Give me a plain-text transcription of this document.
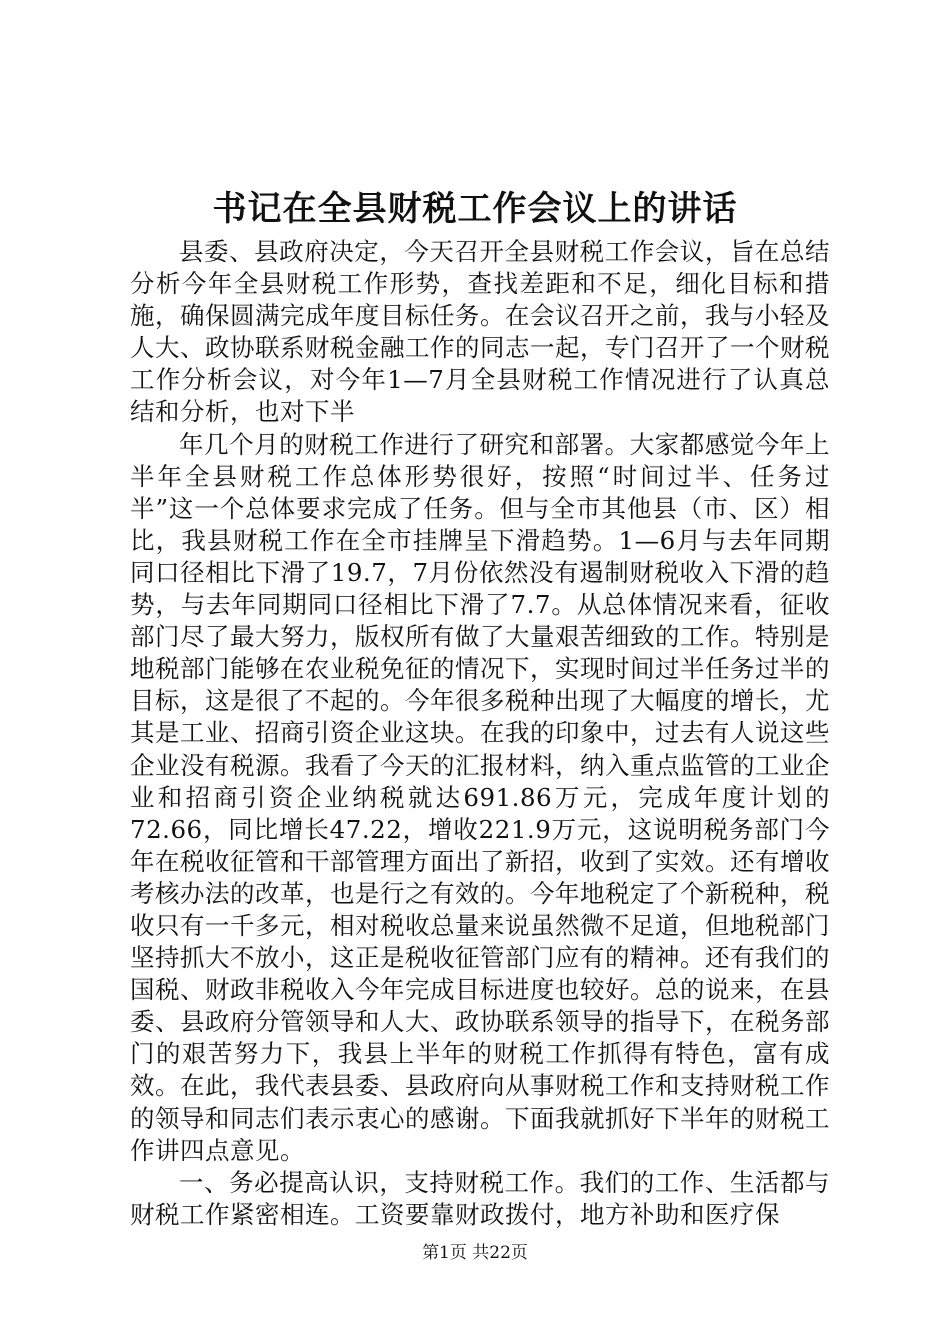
书记在全县财税工作会议上的讲话

县委、县政府决定，今天召开全县财税工作会议，旨在总结分析今年全县财税工作形势，查找差距和不足，细化目标和措施，确保圆满完成年度目标任务。在会议召开之前，我与小轻及人大、政协联系财税金融工作的同志一起，专门召开了一个财税工作分析会议，对今年1—7月全县财税工作情况进行了认真总结和分析，也对下半

年几个月的财税工作进行了研究和部署。大家都感觉今年上半年全县财税工作总体形势很好，按照“时间过半、任务过半”这一个总体要求完成了任务。但与全市其他县（市、区）相比，我县财税工作在全市挂牌呈下滑趋势。1—6月与去年同期同口径相比下滑了19.7，7月份依然没有遏制财税收入下滑的趋势，与去年同期同口径相比下滑了7.7。从总体情况来看，征收部门尽了最大努力，版权所有做了大量艰苦细致的工作。特别是地税部门能够在农业税免征的情况下，实现时间过半任务过半的目标，这是很了不起的。今年很多税种出现了大幅度的增长，尤其是工业、招商引资企业这块。在我的印象中，过去有人说这些企业没有税源。我看了今天的汇报材料，纳入重点监管的工业企业和招商引资企业纳税就达691.86万元，完成年度计划的72.66，同比增长47.22，增收221.9万元，这说明税务部门今年在税收征管和干部管理方面出了新招，收到了实效。还有增收考核办法的改革，也是行之有效的。今年地税定了个新税种，税收只有一千多元，相对税收总量来说虽然微不足道，但地税部门坚持抓大不放小，这正是税收征管部门应有的精神。还有我们的国税、财政非税收入今年完成目标进度也较好。总的说来，在县委、县政府分管领导和人大、政协联系领导的指导下，在税务部门的艰苦努力下，我县上半年的财税工作抓得有特色，富有成效。在此，我代表县委、县政府向从事财税工作和支持财税工作的领导和同志们表示衷心的感谢。下面我就抓好下半年的财税工作讲四点意见。

一、务必提高认识，支持财税工作。我们的工作、生活都与财税工作紧密相连。工资要靠财政拨付，地方补助和医疗保

第1页 共22页
